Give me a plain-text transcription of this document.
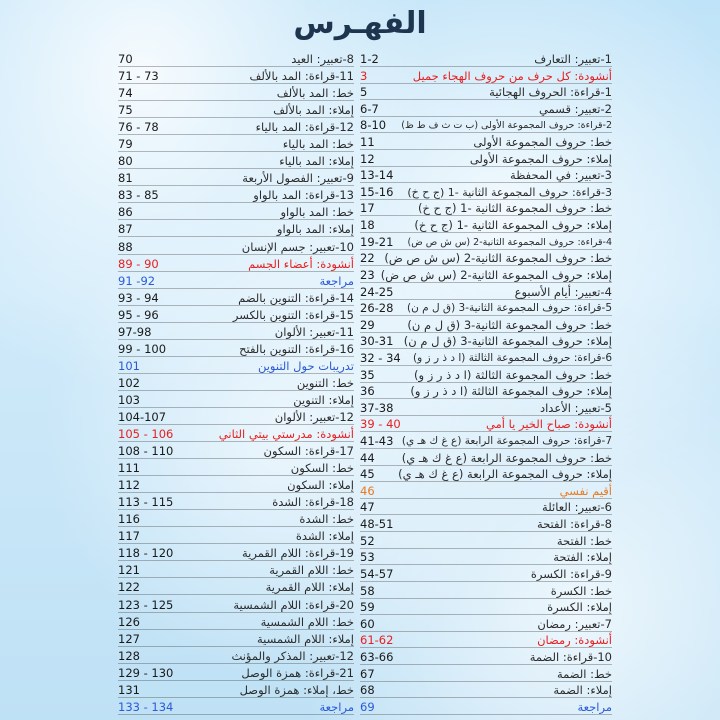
الفهـرس
1-تعبير: التعارف
1-2
أنشودة: كل حرف من حروف الهجاء جميل
3
1-قراءة: الحروف الهجائية
5
2-تعبير: قسمي
6-7
2-قراءة: حروف المجموعة الأولى (ب ت ث ف ط ظ)
8-10
خط: حروف المجموعة الأولى
11
إملاء: حروف المجموعة الأولى
12
3-تعبير: في المحفظة
13-14
3-قراءة: حروف المجموعة الثانية -1 (ج ح خ)
15-16
خط: حروف المجموعة الثانية -1 (ج ح خ)
17
إملاء: حروف المجموعة الثانية -1 (ج ح خ)
18
4-قراءة: حروف المجموعة الثانية-2 (س ش ص ض)
19-21
خط: حروف المجموعة الثانية-2 (س ش ص ض)
22
إملاء: حروف المجموعة الثانية-2 (س ش ص ض)
23
4-تعبير: أيام الأسبوع
24-25
5-قراءة: حروف المجموعة الثانية-3 (ق ل م ن)
26-28
خط: حروف المجموعة الثانية-3 (ق ل م ن)
29
إملاء: حروف المجموعة الثانية-3 (ق ل م ن)
30-31
6-قراءة: حروف المجموعة الثالثة (ا د ذ ر ز و)
32 - 34
خط: حروف المجموعة الثالثة (ا د ذ ر ز و)
35
إملاء: حروف المجموعة الثالثة (ا د ذ ر ز و)
36
5-تعبير: الأعداد
37-38
أنشودة: صباح الخير يا أمي
39 - 40
7-قراءة: حروف المجموعة الرابعة (ع غ ك هـ ي)
41-43
خط: حروف المجموعة الرابعة (ع غ ك هـ ي)
44
إملاء: حروف المجموعة الرابعة (ع غ ك هـ ي)
45
أقيم نفسي
46
6-تعبير: العائلة
47
8-قراءة: الفتحة
48-51
خط: الفتحة
52
إملاء: الفتحة
53
9-قراءة: الكسرة
54-57
خط: الكسرة
58
إملاء: الكسرة
59
7-تعبير: رمضان
60
أنشودة: رمضان
61-62
10-قراءة: الضمة
63-66
خط: الضمة
67
إملاء: الضمة
68
مراجعة
69
8-تعبير: العيد
70
11-قراءة: المد بالألف
71 - 73
خط: المد بالألف
74
إملاء: المد بالألف
75
12-قراءة: المد بالياء
76 - 78
خط: المد بالياء
79
إملاء: المد بالياء
80
9-تعبير: الفصول الأربعة
81
13-قراءة: المد بالواو
83 - 85
خط: المد بالواو
86
إملاء: المد بالواو
87
10-تعبير: جسم الإنسان
88
أنشودة: أعضاء الجسم
89 - 90
مراجعة
91 -92
14-قراءة: التنوين بالضم
93 - 94
15-قراءة: التنوين بالكسر
95 - 96
11-تعبير: الألوان
97-98
16-قراءة: التنوين بالفتح
99 - 100
تدريبات حول التنوين
101
خط: التنوين
102
إملاء: التنوين
103
12-تعبير: الألوان
104-107
أنشودة: مدرستي بيتي الثاني
105 - 106
17-قراءة: السكون
108 - 110
خط: السكون
111
إملاء: السكون
112
18-قراءة: الشدة
113 - 115
خط: الشدة
116
إملاء: الشدة
117
19-قراءة: اللام القمرية
118 - 120
خط: اللام القمرية
121
إملاء: اللام القمرية
122
20-قراءة: اللام الشمسية
123 - 125
خط: اللام الشمسية
126
إملاء: اللام الشمسية
127
12-تعبير: المذكر والمؤنث
128
21-قراءة: همزة الوصل
129 - 130
خط، إملاء: همزة الوصل
131
مراجعة
133 - 134
